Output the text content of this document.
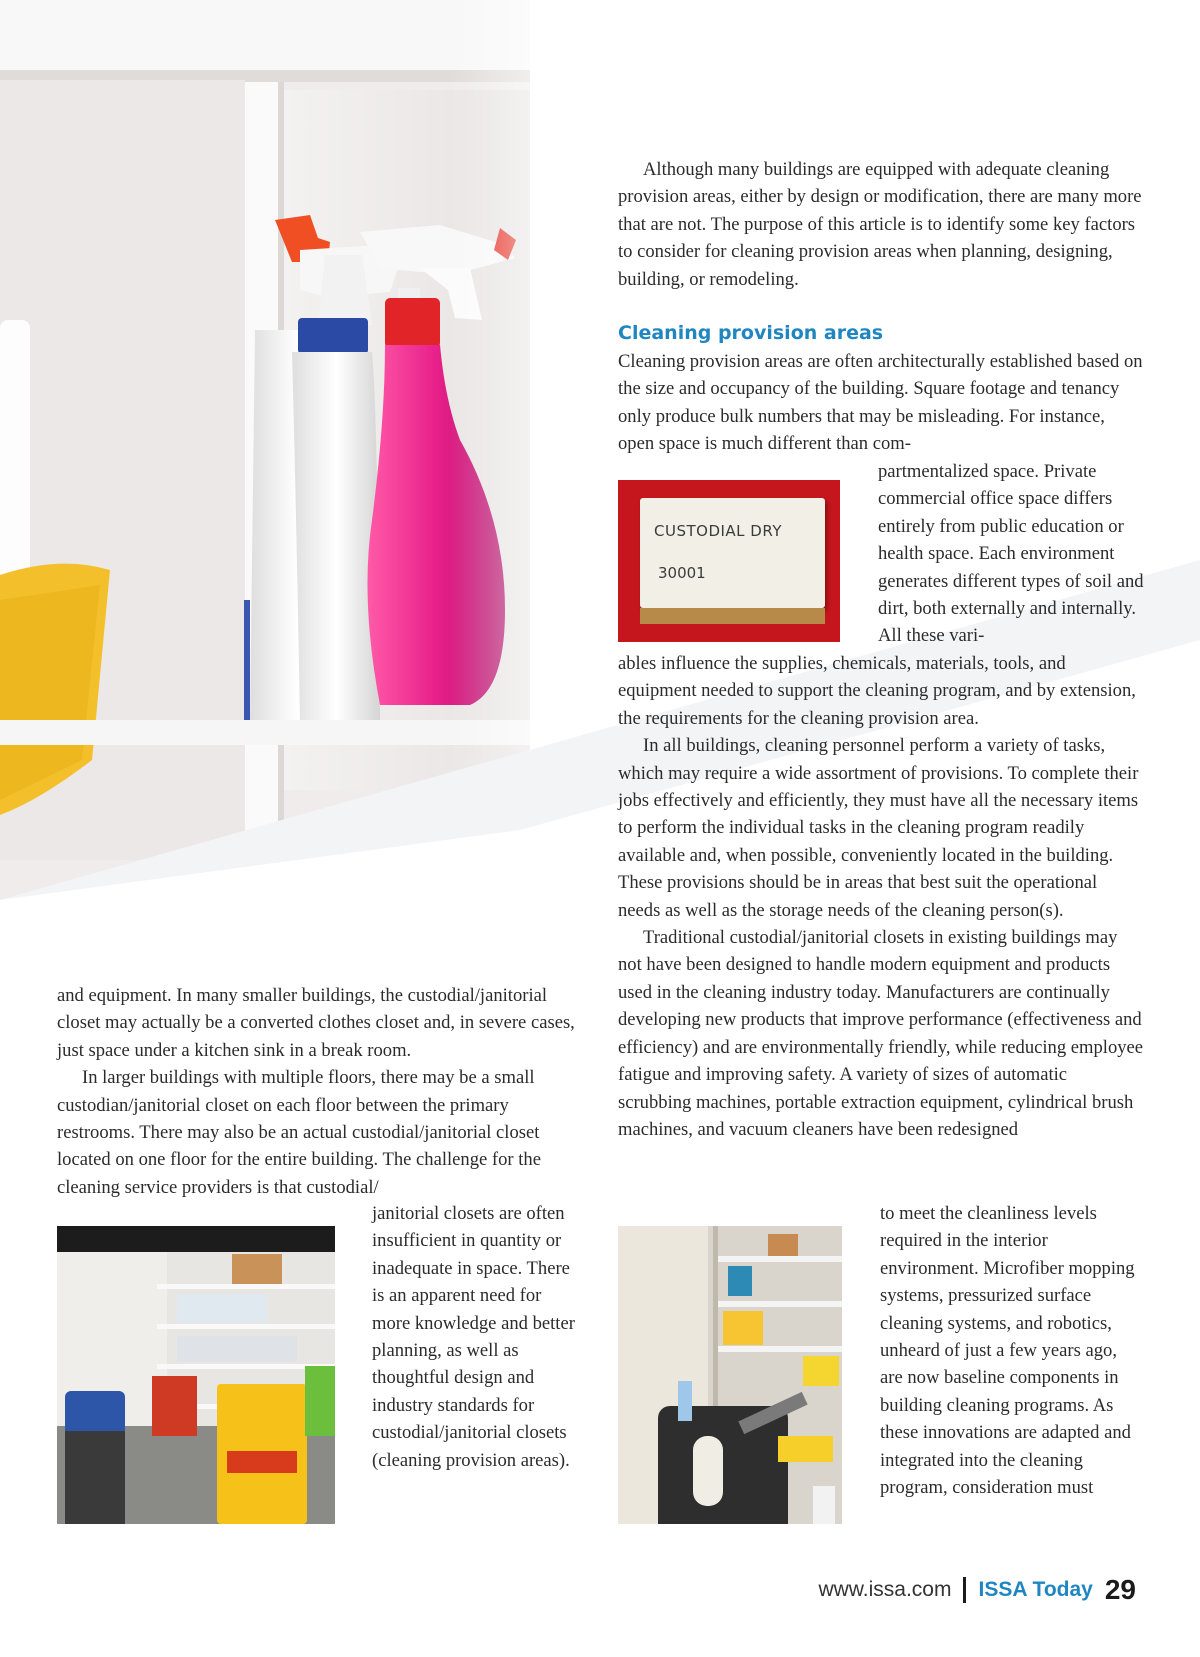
Although many buildings are equipped with adequate cleaning provision areas, either by design or modification, there are many more that are not. The purpose of this article is to identify some key factors to consider for cleaning provision areas when planning, designing, building, or remodeling.

Cleaning provision areas

Cleaning provision areas are often architecturally established based on the size and occupancy of the building. Square footage and tenancy only produce bulk numbers that may be misleading. For instance, open space is much different than com-

CUSTODIAL DRY
30001

partmentalized space. Private commercial office space differs entirely from public education or health space. Each environment generates different types of soil and dirt, both externally and internally. All these vari-

ables influence the supplies, chemicals, materials, tools, and equipment needed to support the cleaning program, and by extension, the requirements for the cleaning provision area.

In all buildings, cleaning personnel perform a variety of tasks, which may require a wide assortment of provisions. To complete their jobs effectively and efficiently, they must have all the necessary items to perform the individual tasks in the cleaning program readily available and, when possible, conveniently located in the building. These provisions should be in areas that best suit the operational needs as well as the storage needs of the cleaning person(s).

Traditional custodial/janitorial closets in existing buildings may not have been designed to handle modern equipment and products used in the cleaning industry today. Manufacturers are continually developing new products that improve performance (effectiveness and efficiency) and are environmentally friendly, while reducing employee fatigue and improving safety. A variety of sizes of automatic scrubbing machines, portable extraction equipment, cylindrical brush machines, and vacuum cleaners have been redesigned

to meet the cleanliness levels required in the interior environment. Microfiber mopping systems, pressurized surface cleaning systems, and robotics, unheard of just a few years ago, are now baseline components in building cleaning programs. As these innovations are adapted and integrated into the cleaning program, consideration must

and equipment. In many smaller buildings, the custodial/janitorial closet may actually be a converted clothes closet and, in severe cases, just space under a kitchen sink in a break room.

In larger buildings with multiple floors, there may be a small custodian/janitorial closet on each floor between the primary restrooms. There may also be an actual custodial/janitorial closet located on one floor for the entire building. The challenge for the cleaning service providers is that custodial/

janitorial closets are often insufficient in quantity or inadequate in space. There is an apparent need for more knowledge and better planning, as well as thoughtful design and industry standards for custodial/janitorial closets (cleaning provision areas).

www.issa.com ISSA Today 29
